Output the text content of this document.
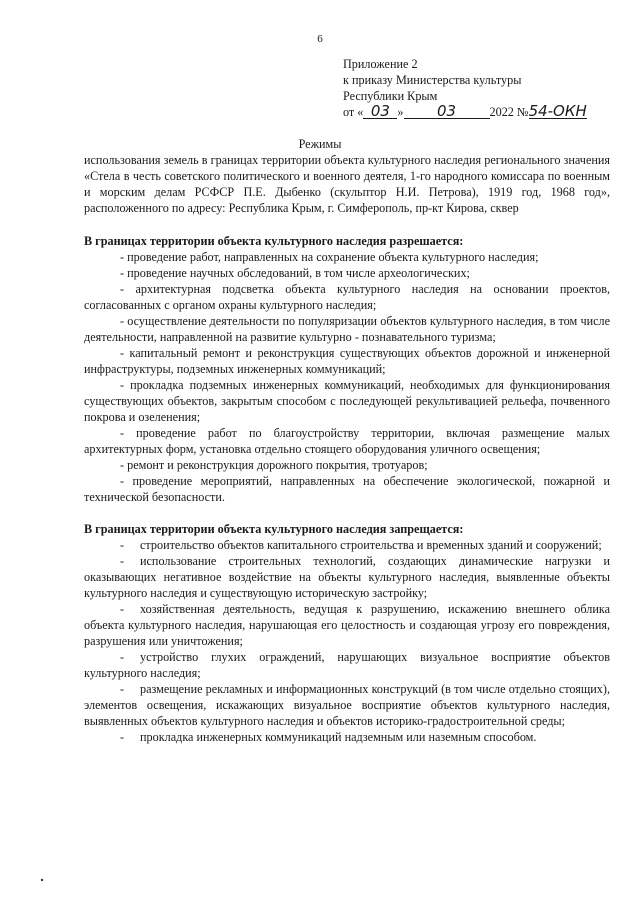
6
Приложение 2
к приказу Министерства культуры
Республики Крым
от « 03 » 03	2022 №54-ОКН
Режимы

использования земель в границах территории объекта культурного наследия регионального значения «Стела в честь советского политического и военного деятеля, 1-го народного комиссара по военным и морским делам РСФСР П.Е. Дыбенко (скульптор Н.И. Петрова), 1919 год, 1968 год», расположенного по адресу: Республика Крым, г. Симферополь, пр-кт Кирова, сквер

В границах территории объекта культурного наследия разрешается:

- проведение работ, направленных на сохранение объекта культурного наследия;

- проведение научных обследований, в том числе археологических;

- архитектурная подсветка объекта культурного наследия на основании проектов, согласованных с органом охраны культурного наследия;

- осуществление деятельности по популяризации объектов культурного наследия, в том числе деятельности, направленной на развитие культурно - познавательного туризма;

- капитальный ремонт и реконструкция существующих объектов дорожной и инженерной инфраструктуры, подземных инженерных коммуникаций;

- прокладка подземных инженерных коммуникаций, необходимых для функционирования существующих объектов, закрытым способом с последующей рекультивацией рельефа, почвенного покрова и озеленения;

- проведение работ по благоустройству территории, включая размещение малых архитектурных форм, установка отдельно стоящего оборудования уличного освещения;

- ремонт и реконструкция дорожного покрытия, тротуаров;

- проведение мероприятий, направленных на обеспечение экологической, пожарной и технической безопасности.

В границах территории объекта культурного наследия запрещается:

- строительство объектов капитального строительства и временных зданий и сооружений;

- использование строительных технологий, создающих динамические нагрузки и оказывающих негативное воздействие на объекты культурного наследия, выявленные объекты культурного наследия и существующую историческую застройку;

- хозяйственная деятельность, ведущая к разрушению, искажению внешнего облика объекта культурного наследия, нарушающая его целостность и создающая угрозу его повреждения, разрушения или уничтожения;

- устройство глухих ограждений, нарушающих визуальное восприятие объектов культурного наследия;

- размещение рекламных и информационных конструкций (в том числе отдельно стоящих), элементов освещения, искажающих визуальное восприятие объектов культурного наследия, выявленных объектов культурного наследия и объектов историко-градостроительной среды;

- прокладка инженерных коммуникаций надземным или наземным способом.
